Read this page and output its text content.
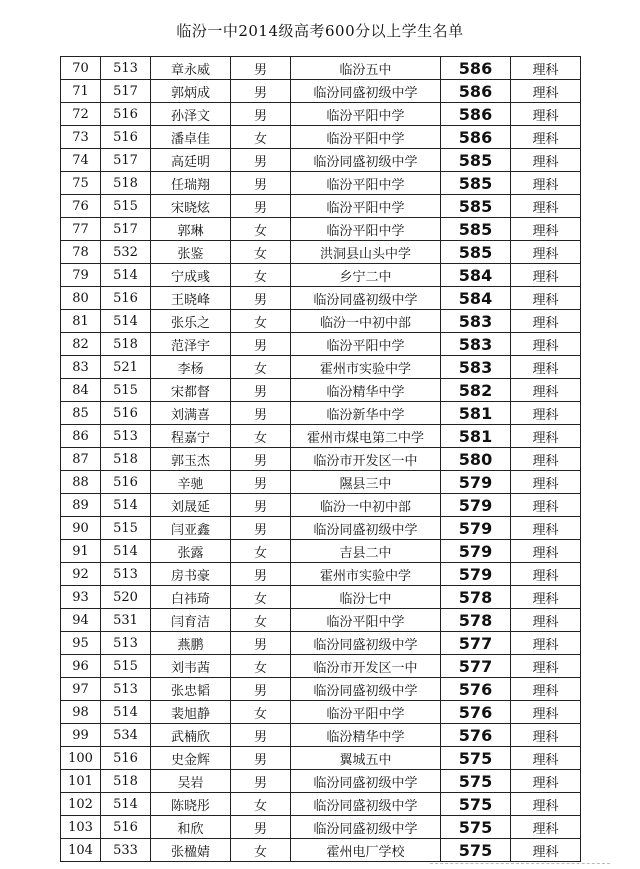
临汾一中2014级高考600分以上学生名单
70	513	章永威	男	临汾五中	586	理科
71	517	郭炳成	男	临汾同盛初级中学	586	理科
72	516	孙泽文	男	临汾平阳中学	586	理科
73	516	潘卓佳	女	临汾平阳中学	586	理科
74	517	高廷明	男	临汾同盛初级中学	585	理科
75	518	任瑞翔	男	临汾平阳中学	585	理科
76	515	宋晓炫	男	临汾平阳中学	585	理科
77	517	郭琳	女	临汾平阳中学	585	理科
78	532	张鉴	女	洪洞县山头中学	585	理科
79	514	宁成彧	女	乡宁二中	584	理科
80	516	王晓峰	男	临汾同盛初级中学	584	理科
81	514	张乐之	女	临汾一中初中部	583	理科
82	518	范泽宇	男	临汾平阳中学	583	理科
83	521	李杨	女	霍州市实验中学	583	理科
84	515	宋都督	男	临汾精华中学	582	理科
85	516	刘满喜	男	临汾新华中学	581	理科
86	513	程嘉宁	女	霍州市煤电第二中学	581	理科
87	518	郭玉杰	男	临汾市开发区一中	580	理科
88	516	辛驰	男	隰县三中	579	理科
89	514	刘晟延	男	临汾一中初中部	579	理科
90	515	闫亚鑫	男	临汾同盛初级中学	579	理科
91	514	张露	女	吉县二中	579	理科
92	513	房书豪	男	霍州市实验中学	579	理科
93	520	白祎琦	女	临汾七中	578	理科
94	531	闫育洁	女	临汾平阳中学	578	理科
95	513	燕鹏	男	临汾同盛初级中学	577	理科
96	515	刘韦茜	女	临汾市开发区一中	577	理科
97	513	张忠韬	男	临汾同盛初级中学	576	理科
98	514	裴旭静	女	临汾平阳中学	576	理科
99	534	武楠欣	男	临汾精华中学	576	理科
100	516	史金辉	男	翼城五中	575	理科
101	518	吴岩	男	临汾同盛初级中学	575	理科
102	514	陈晓彤	女	临汾同盛初级中学	575	理科
103	516	和欣	男	临汾同盛初级中学	575	理科
104	533	张楹婧	女	霍州电厂学校	575	理科
